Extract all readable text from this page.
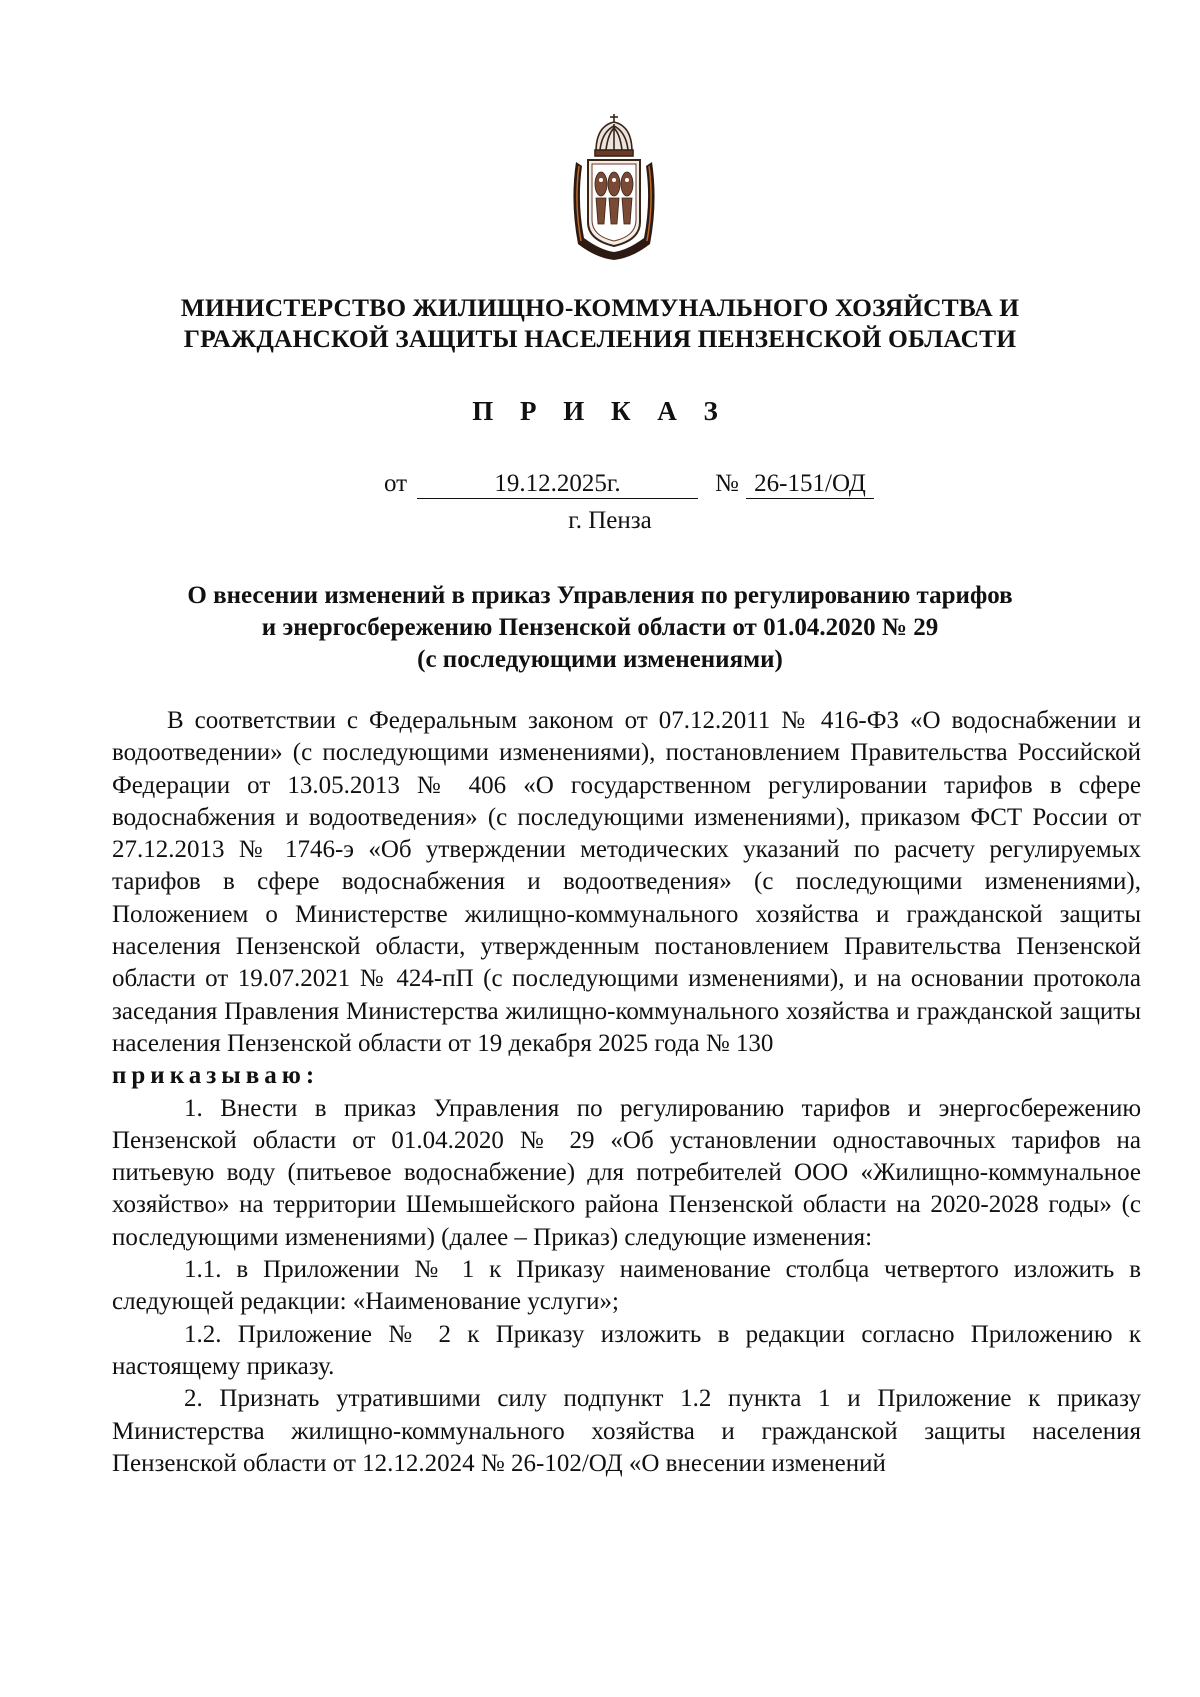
МИНИСТЕРСТВО ЖИЛИЩНО-КОММУНАЛЬНОГО ХОЗЯЙСТВА И
ГРАЖДАНСКОЙ ЗАЩИТЫ НАСЕЛЕНИЯ ПЕНЗЕНСКОЙ ОБЛАСТИ
П Р И К А З
от	19.12.2025г.	№ 26-151/ОД
г. Пенза
О внесении изменений в приказ Управления по регулированию тарифов
и энергосбережению Пензенской области от 01.04.2020 № 29
(с последующими изменениями)

В соответствии с Федеральным законом от 07.12.2011 № 416-ФЗ «О водоснабжении и водоотведении» (с последующими изменениями), постановлением Правительства Российской Федерации от 13.05.2013 № 406 «О государственном регулировании тарифов в сфере водоснабжения и водоотведения» (с последующими изменениями), приказом ФСТ России от 27.12.2013 № 1746-э «Об утверждении методических указаний по расчету регулируемых тарифов в сфере водоснабжения и водоотведения» (с последующими изменениями), Положением о Министерстве жилищно-коммунального хозяйства и гражданской защиты населения Пензенской области, утвержденным постановлением Правительства Пензенской области от 19.07.2021 № 424-пП (с последующими изменениями), и на основании протокола заседания Правления Министерства жилищно-коммунального хозяйства и гражданской защиты населения Пензенской области от 19 декабря 2025 года № 130

приказываю:

1. Внести в приказ Управления по регулированию тарифов и энергосбережению Пензенской области от 01.04.2020 № 29 «Об установлении одноставочных тарифов на питьевую воду (питьевое водоснабжение) для потребителей ООО «Жилищно-коммунальное хозяйство» на территории Шемышейского района Пензенской области на 2020-2028 годы» (с последующими изменениями) (далее – Приказ) следующие изменения:

1.1. в Приложении № 1 к Приказу наименование столбца четвертого изложить в следующей редакции: «Наименование услуги»;

1.2. Приложение № 2 к Приказу изложить в редакции согласно Приложению к настоящему приказу.

2. Признать утратившими силу подпункт 1.2 пункта 1 и Приложение к приказу Министерства жилищно-коммунального хозяйства и гражданской защиты населения Пензенской области от 12.12.2024 № 26-102/ОД «О внесении изменений
